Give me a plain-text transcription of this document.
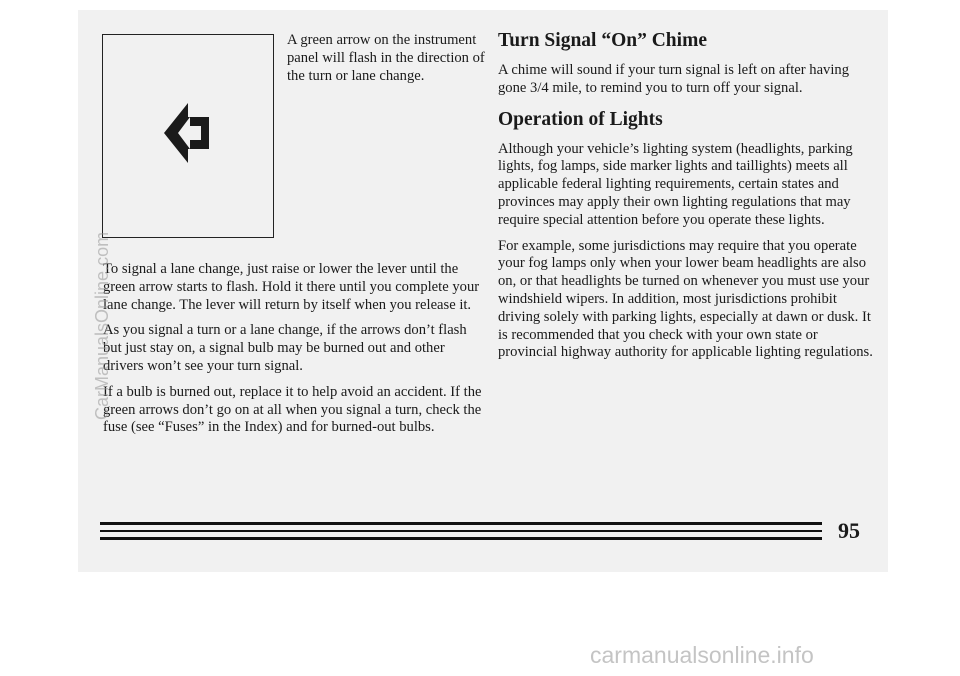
A green arrow on the instrument panel will flash in the direction of the turn or lane change.

To signal a lane change, just raise or lower the lever until the green arrow starts to flash. Hold it there until you complete your lane change. The lever will return by itself when you release it.

As you signal a turn or a lane change, if the arrows don’t flash but just stay on, a signal bulb may be burned out and other drivers won’t see your turn signal.

If a bulb is burned out, replace it to help avoid an accident. If the green arrows don’t go on at all when you signal a turn, check the fuse (see “Fuses” in the Index) and for burned-out bulbs.

Turn Signal “On” Chime

A chime will sound if your turn signal is left on after having gone 3/4 mile, to remind you to turn off your signal.

Operation of Lights

Although your vehicle’s lighting system (headlights, parking lights, fog lamps, side marker lights and taillights) meets all applicable federal lighting requirements, certain states and provinces may apply their own lighting regulations that may require special attention before you operate these lights.

For example, some jurisdictions may require that you operate your fog lamps only when your lower beam headlights are also on, or that headlights be turned on whenever you must use your windshield wipers. In addition, most jurisdictions prohibit driving solely with parking lights, especially at dawn or dusk. It is recommended that you check with your own state or provincial highway authority for applicable lighting regulations.

95
CarManualsOnline.com
carmanualsonline.info
